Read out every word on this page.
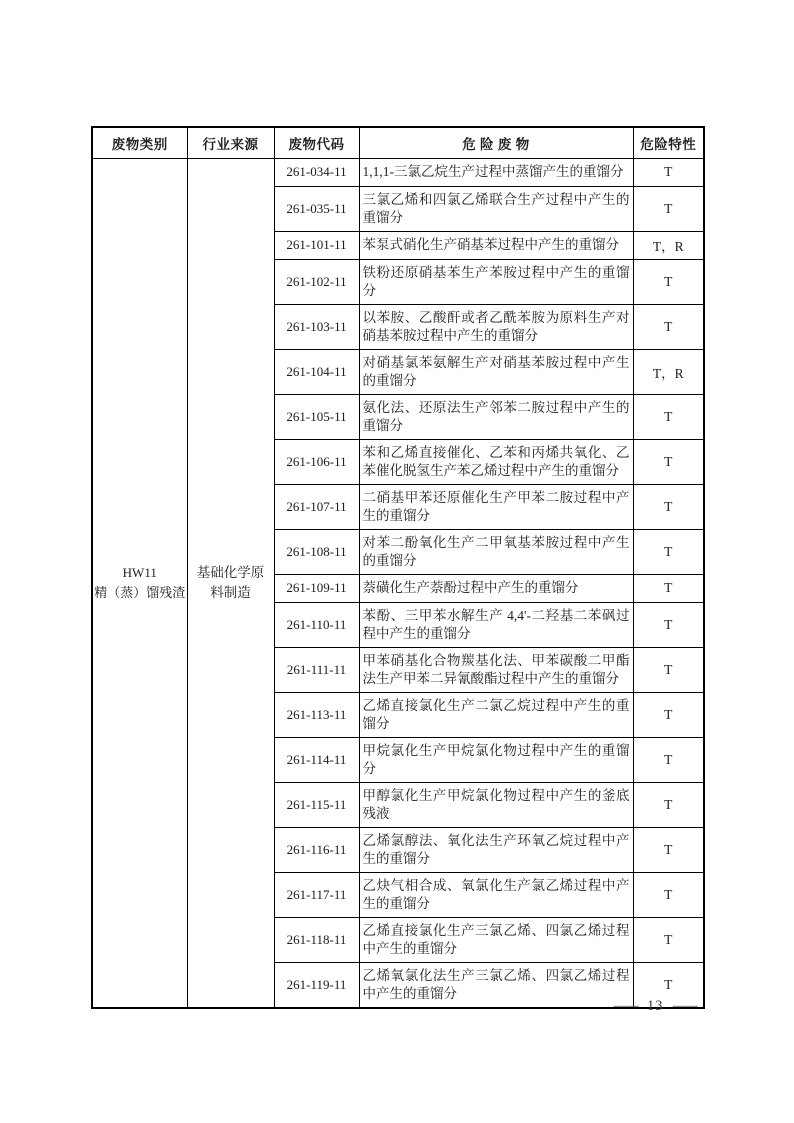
废物类别	行业来源	废物代码	危 险 废 物	危险特性

HW11
精（蒸）馏残渣	基础化学原料制造	261-034-11	1,1,1-三氯乙烷生产过程中蒸馏产生的重馏分	T
		261-035-11	三氯乙烯和四氯乙烯联合生产过程中产生的重馏分	T
		261-101-11	苯泵式硝化生产硝基苯过程中产生的重馏分	T，R
		261-102-11	铁粉还原硝基苯生产苯胺过程中产生的重馏分	T
		261-103-11	以苯胺、乙酸酐或者乙酰苯胺为原料生产对硝基苯胺过程中产生的重馏分	T
		261-104-11	对硝基氯苯氨解生产对硝基苯胺过程中产生的重馏分	T，R
		261-105-11	氨化法、还原法生产邻苯二胺过程中产生的重馏分	T
		261-106-11	苯和乙烯直接催化、乙苯和丙烯共氧化、乙苯催化脱氢生产苯乙烯过程中产生的重馏分	T
		261-107-11	二硝基甲苯还原催化生产甲苯二胺过程中产生的重馏分	T
		261-108-11	对苯二酚氧化生产二甲氧基苯胺过程中产生的重馏分	T
		261-109-11	萘磺化生产萘酚过程中产生的重馏分	T
		261-110-11	苯酚、三甲苯水解生产 4,4'-二羟基二苯砜过程中产生的重馏分	T
		261-111-11	甲苯硝基化合物羰基化法、甲苯碳酸二甲酯法生产甲苯二异氰酸酯过程中产生的重馏分	T
		261-113-11	乙烯直接氯化生产二氯乙烷过程中产生的重馏分	T
		261-114-11	甲烷氯化生产甲烷氯化物过程中产生的重馏分	T
		261-115-11	甲醇氯化生产甲烷氯化物过程中产生的釜底残液	T
		261-116-11	乙烯氯醇法、氧化法生产环氧乙烷过程中产生的重馏分	T
		261-117-11	乙炔气相合成、氧氯化生产氯乙烯过程中产生的重馏分	T
		261-118-11	乙烯直接氯化生产三氯乙烯、四氯乙烯过程中产生的重馏分	T
		261-119-11	乙烯氧氯化法生产三氯乙烯、四氯乙烯过程中产生的重馏分	T
— 13 —
